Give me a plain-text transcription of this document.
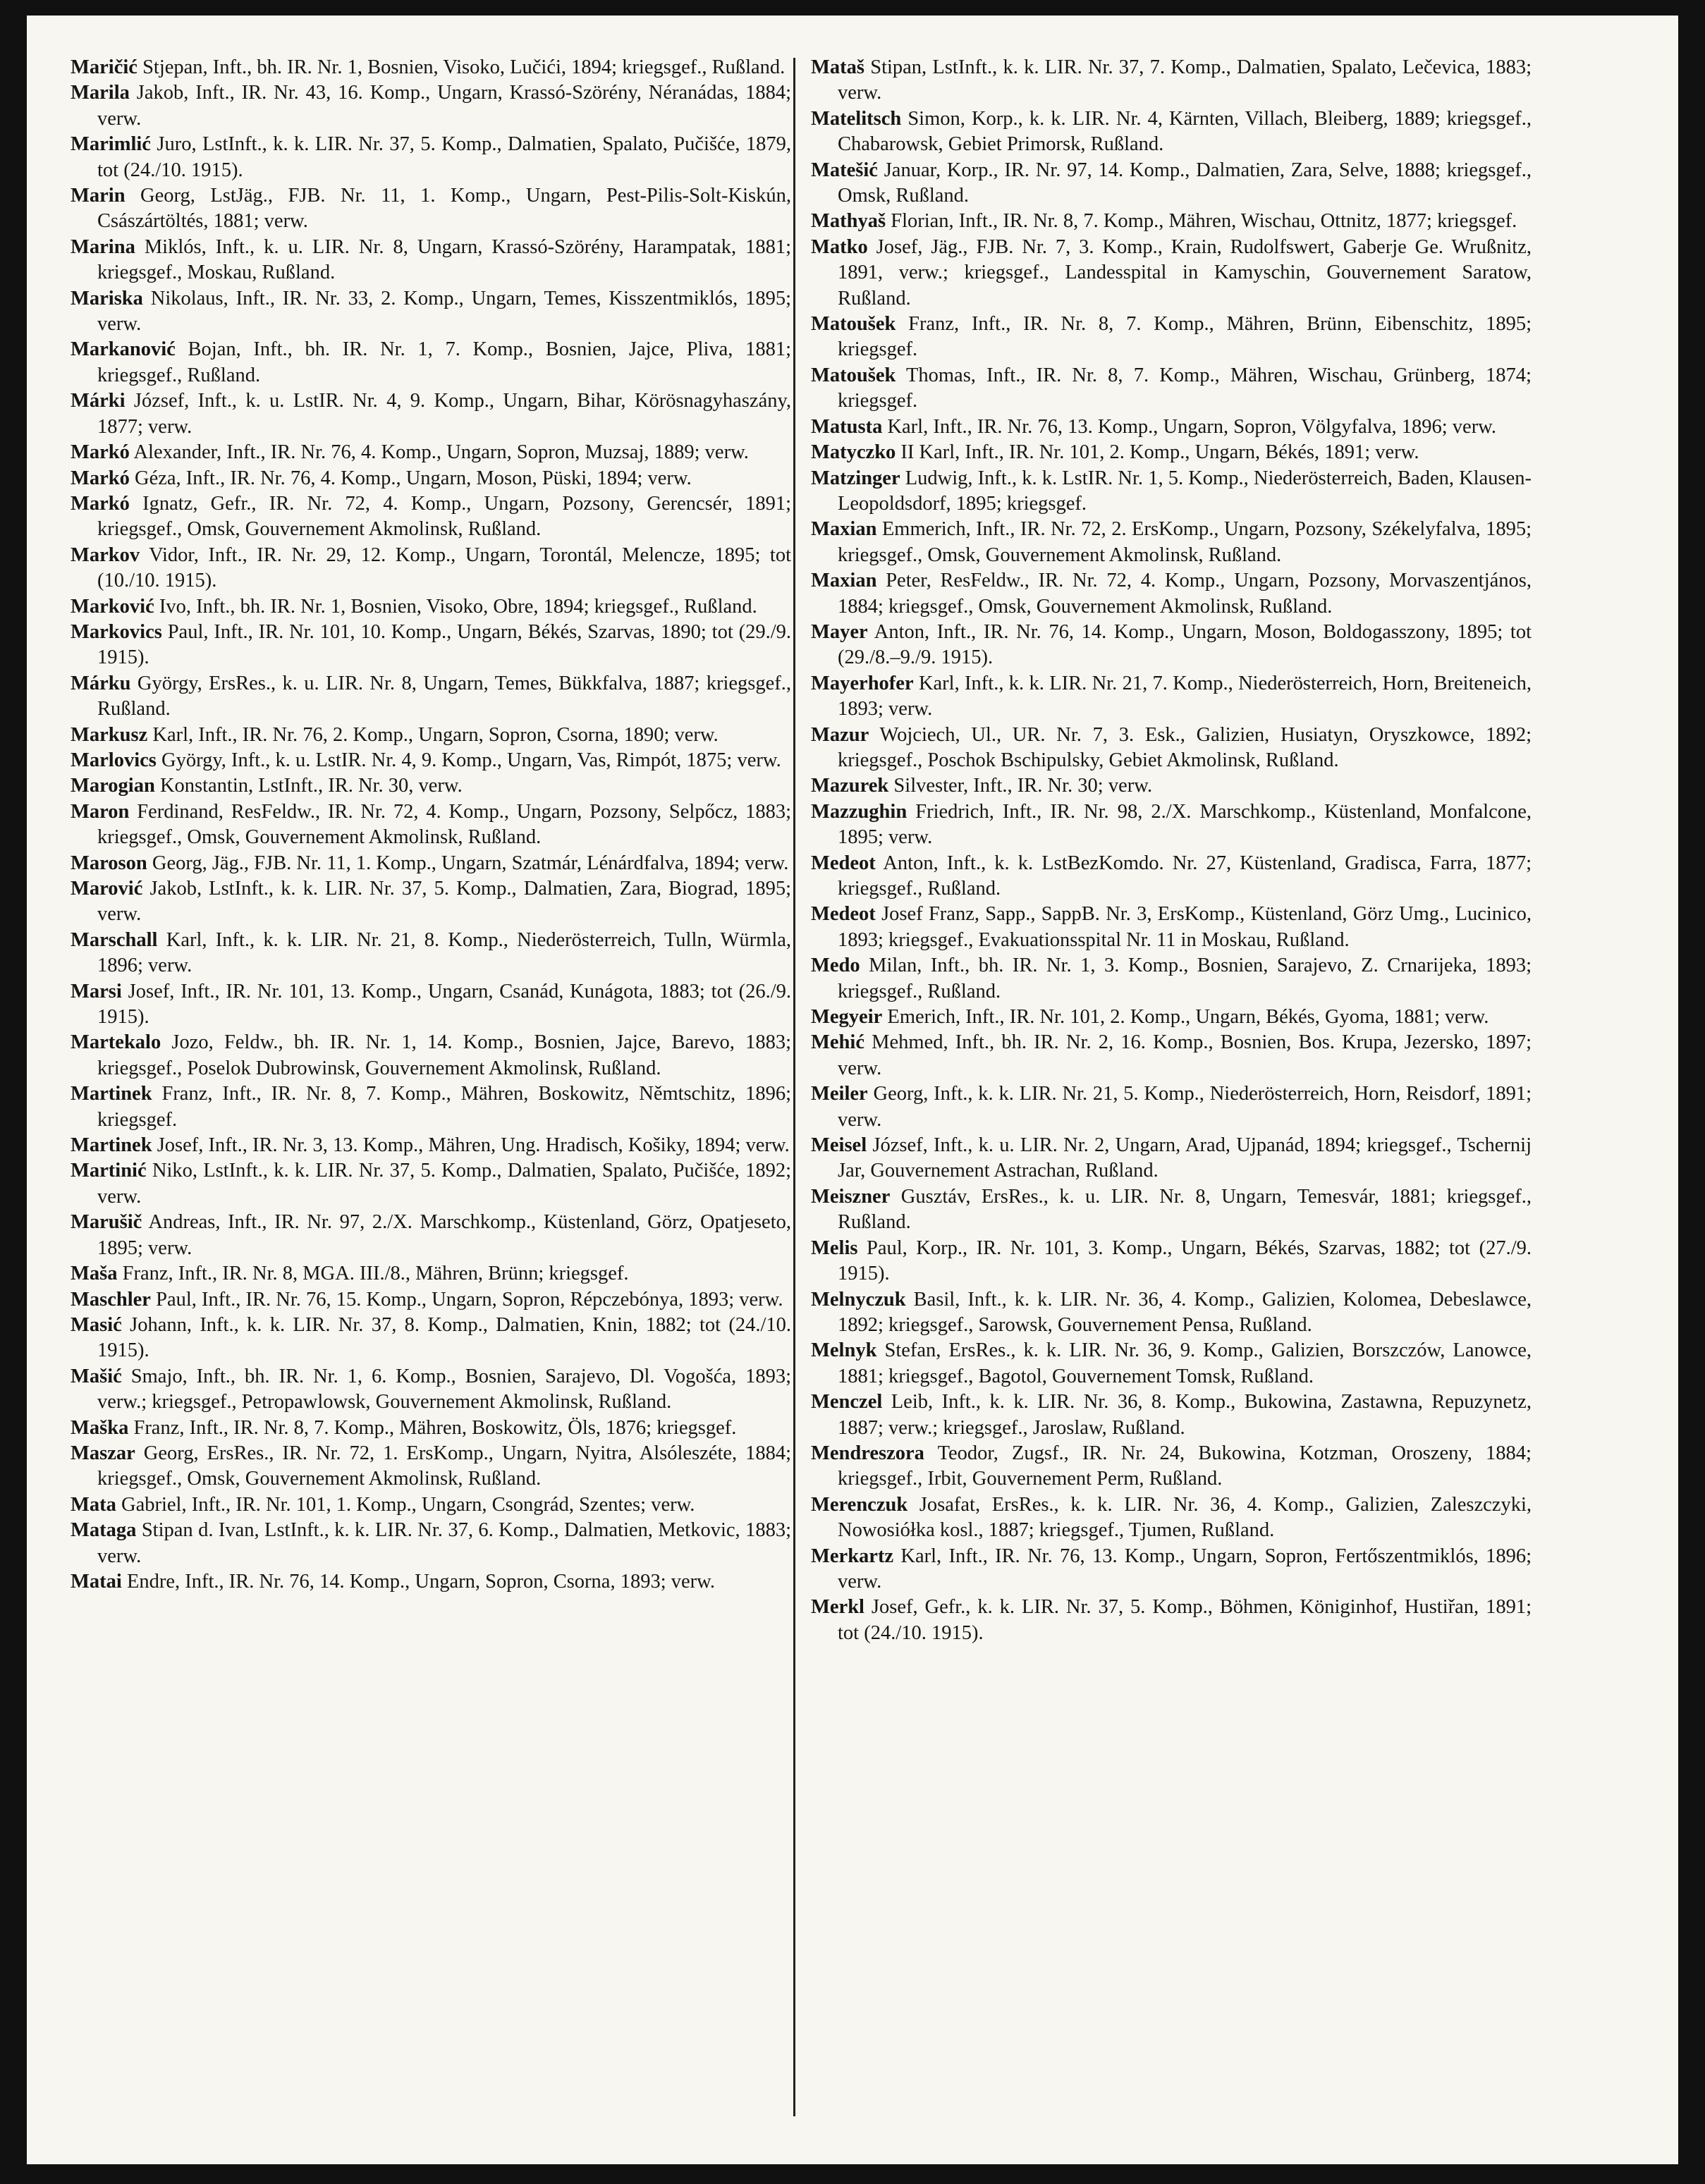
Maričić Stjepan, Inft., bh. IR. Nr. 1, Bosnien, Visoko, Lučići, 1894; kriegsgef., Rußland.
Marila Jakob, Inft., IR. Nr. 43, 16. Komp., Ungarn, Krassó-Szörény, Néranádas, 1884; verw.
Marimlić Juro, LstInft., k. k. LIR. Nr. 37, 5. Komp., Dalmatien, Spalato, Pučišće, 1879, tot (24./10. 1915).
Marin Georg, LstJäg., FJB. Nr. 11, 1. Komp., Ungarn, Pest-Pilis-Solt-Kiskún, Császártöltés, 1881; verw.
Marina Miklós, Inft., k. u. LIR. Nr. 8, Ungarn, Krassó-Szörény, Harampatak, 1881; kriegsgef., Moskau, Rußland.
Mariska Nikolaus, Inft., IR. Nr. 33, 2. Komp., Ungarn, Temes, Kisszentmiklós, 1895; verw.
Markanović Bojan, Inft., bh. IR. Nr. 1, 7. Komp., Bosnien, Jajce, Pliva, 1881; kriegsgef., Rußland.
Márki József, Inft., k. u. LstIR. Nr. 4, 9. Komp., Ungarn, Bihar, Körösnagyhaszány, 1877; verw.
Markó Alexander, Inft., IR. Nr. 76, 4. Komp., Ungarn, Sopron, Muzsaj, 1889; verw.
Markó Géza, Inft., IR. Nr. 76, 4. Komp., Ungarn, Moson, Püski, 1894; verw.
Markó Ignatz, Gefr., IR. Nr. 72, 4. Komp., Ungarn, Pozsony, Gerencsér, 1891; kriegsgef., Omsk, Gouvernement Akmolinsk, Rußland.
Markov Vidor, Inft., IR. Nr. 29, 12. Komp., Ungarn, Torontál, Melencze, 1895; tot (10./10. 1915).
Marković Ivo, Inft., bh. IR. Nr. 1, Bosnien, Visoko, Obre, 1894; kriegsgef., Rußland.
Markovics Paul, Inft., IR. Nr. 101, 10. Komp., Ungarn, Békés, Szarvas, 1890; tot (29./9. 1915).
Márku György, ErsRes., k. u. LIR. Nr. 8, Ungarn, Temes, Bükkfalva, 1887; kriegsgef., Rußland.
Markusz Karl, Inft., IR. Nr. 76, 2. Komp., Ungarn, Sopron, Csorna, 1890; verw.
Marlovics György, Inft., k. u. LstIR. Nr. 4, 9. Komp., Ungarn, Vas, Rimpót, 1875; verw.
Marogian Konstantin, LstInft., IR. Nr. 30, verw.
Maron Ferdinand, ResFeldw., IR. Nr. 72, 4. Komp., Ungarn, Pozsony, Selpőcz, 1883; kriegsgef., Omsk, Gouvernement Akmolinsk, Rußland.
Maroson Georg, Jäg., FJB. Nr. 11, 1. Komp., Ungarn, Szatmár, Lénárdfalva, 1894; verw.
Marović Jakob, LstInft., k. k. LIR. Nr. 37, 5. Komp., Dalmatien, Zara, Biograd, 1895; verw.
Marschall Karl, Inft., k. k. LIR. Nr. 21, 8. Komp., Niederösterreich, Tulln, Würmla, 1896; verw.
Marsi Josef, Inft., IR. Nr. 101, 13. Komp., Ungarn, Csanád, Kunágota, 1883; tot (26./9. 1915).
Martekalo Jozo, Feldw., bh. IR. Nr. 1, 14. Komp., Bosnien, Jajce, Barevo, 1883; kriegsgef., Poselok Dubrowinsk, Gouvernement Akmolinsk, Rußland.
Martinek Franz, Inft., IR. Nr. 8, 7. Komp., Mähren, Boskowitz, Němtschitz, 1896; kriegsgef.
Martinek Josef, Inft., IR. Nr. 3, 13. Komp., Mähren, Ung. Hradisch, Košiky, 1894; verw.
Martinić Niko, LstInft., k. k. LIR. Nr. 37, 5. Komp., Dalmatien, Spalato, Pučišće, 1892; verw.
Marušič Andreas, Inft., IR. Nr. 97, 2./X. Marschkomp., Küstenland, Görz, Opatjeseto, 1895; verw.
Maša Franz, Inft., IR. Nr. 8, MGA. III./8., Mähren, Brünn; kriegsgef.
Maschler Paul, Inft., IR. Nr. 76, 15. Komp., Ungarn, Sopron, Répczebónya, 1893; verw.
Masić Johann, Inft., k. k. LIR. Nr. 37, 8. Komp., Dalmatien, Knin, 1882; tot (24./10. 1915).
Mašić Smajo, Inft., bh. IR. Nr. 1, 6. Komp., Bosnien, Sarajevo, Dl. Vogošća, 1893; verw.; kriegsgef., Petropawlowsk, Gouvernement Akmolinsk, Rußland.
Maška Franz, Inft., IR. Nr. 8, 7. Komp., Mähren, Boskowitz, Öls, 1876; kriegsgef.
Maszar Georg, ErsRes., IR. Nr. 72, 1. ErsKomp., Ungarn, Nyitra, Alsóleszéte, 1884; kriegsgef., Omsk, Gouvernement Akmolinsk, Rußland.
Mata Gabriel, Inft., IR. Nr. 101, 1. Komp., Ungarn, Csongrád, Szentes; verw.
Mataga Stipan d. Ivan, LstInft., k. k. LIR. Nr. 37, 6. Komp., Dalmatien, Metkovic, 1883; verw.
Matai Endre, Inft., IR. Nr. 76, 14. Komp., Ungarn, Sopron, Csorna, 1893; verw.
Mataš Stipan, LstInft., k. k. LIR. Nr. 37, 7. Komp., Dalmatien, Spalato, Lečevica, 1883; verw.
Matelitsch Simon, Korp., k. k. LIR. Nr. 4, Kärnten, Villach, Bleiberg, 1889; kriegsgef., Chabarowsk, Gebiet Primorsk, Rußland.
Matešić Januar, Korp., IR. Nr. 97, 14. Komp., Dalmatien, Zara, Selve, 1888; kriegsgef., Omsk, Rußland.
Mathyaš Florian, Inft., IR. Nr. 8, 7. Komp., Mähren, Wischau, Ottnitz, 1877; kriegsgef.
Matko Josef, Jäg., FJB. Nr. 7, 3. Komp., Krain, Rudolfswert, Gaberje Ge. Wrußnitz, 1891, verw.; kriegsgef., Landesspital in Kamyschin, Gouvernement Saratow, Rußland.
Matoušek Franz, Inft., IR. Nr. 8, 7. Komp., Mähren, Brünn, Eibenschitz, 1895; kriegsgef.
Matoušek Thomas, Inft., IR. Nr. 8, 7. Komp., Mähren, Wischau, Grünberg, 1874; kriegsgef.
Matusta Karl, Inft., IR. Nr. 76, 13. Komp., Ungarn, Sopron, Völgyfalva, 1896; verw.
Matyczko II Karl, Inft., IR. Nr. 101, 2. Komp., Ungarn, Békés, 1891; verw.
Matzinger Ludwig, Inft., k. k. LstIR. Nr. 1, 5. Komp., Niederösterreich, Baden, Klausen-Leopoldsdorf, 1895; kriegsgef.
Maxian Emmerich, Inft., IR. Nr. 72, 2. ErsKomp., Ungarn, Pozsony, Székelyfalva, 1895; kriegsgef., Omsk, Gouvernement Akmolinsk, Rußland.
Maxian Peter, ResFeldw., IR. Nr. 72, 4. Komp., Ungarn, Pozsony, Morvaszentjános, 1884; kriegsgef., Omsk, Gouvernement Akmolinsk, Rußland.
Mayer Anton, Inft., IR. Nr. 76, 14. Komp., Ungarn, Moson, Boldogasszony, 1895; tot (29./8.–9./9. 1915).
Mayerhofer Karl, Inft., k. k. LIR. Nr. 21, 7. Komp., Niederösterreich, Horn, Breiteneich, 1893; verw.
Mazur Wojciech, Ul., UR. Nr. 7, 3. Esk., Galizien, Husiatyn, Oryszkowce, 1892; kriegsgef., Poschok Bschipulsky, Gebiet Akmolinsk, Rußland.
Mazurek Silvester, Inft., IR. Nr. 30; verw.
Mazzughin Friedrich, Inft., IR. Nr. 98, 2./X. Marschkomp., Küstenland, Monfalcone, 1895; verw.
Medeot Anton, Inft., k. k. LstBezKomdo. Nr. 27, Küstenland, Gradisca, Farra, 1877; kriegsgef., Rußland.
Medeot Josef Franz, Sapp., SappB. Nr. 3, ErsKomp., Küstenland, Görz Umg., Lucinico, 1893; kriegsgef., Evakuationsspital Nr. 11 in Moskau, Rußland.
Medo Milan, Inft., bh. IR. Nr. 1, 3. Komp., Bosnien, Sarajevo, Z. Crnarijeka, 1893; kriegsgef., Rußland.
Megyeir Emerich, Inft., IR. Nr. 101, 2. Komp., Ungarn, Békés, Gyoma, 1881; verw.
Mehić Mehmed, Inft., bh. IR. Nr. 2, 16. Komp., Bosnien, Bos. Krupa, Jezersko, 1897; verw.
Meiler Georg, Inft., k. k. LIR. Nr. 21, 5. Komp., Niederösterreich, Horn, Reisdorf, 1891; verw.
Meisel József, Inft., k. u. LIR. Nr. 2, Ungarn, Arad, Ujpanád, 1894; kriegsgef., Tschernij Jar, Gouvernement Astrachan, Rußland.
Meiszner Gusztáv, ErsRes., k. u. LIR. Nr. 8, Ungarn, Temesvár, 1881; kriegsgef., Rußland.
Melis Paul, Korp., IR. Nr. 101, 3. Komp., Ungarn, Békés, Szarvas, 1882; tot (27./9. 1915).
Melnyczuk Basil, Inft., k. k. LIR. Nr. 36, 4. Komp., Galizien, Kolomea, Debeslawce, 1892; kriegsgef., Sarowsk, Gouvernement Pensa, Rußland.
Melnyk Stefan, ErsRes., k. k. LIR. Nr. 36, 9. Komp., Galizien, Borszczów, Lanowce, 1881; kriegsgef., Bagotol, Gouvernement Tomsk, Rußland.
Menczel Leib, Inft., k. k. LIR. Nr. 36, 8. Komp., Bukowina, Zastawna, Repuzynetz, 1887; verw.; kriegsgef., Jaroslaw, Rußland.
Mendreszora Teodor, Zugsf., IR. Nr. 24, Bukowina, Kotzman, Oroszeny, 1884; kriegsgef., Irbit, Gouvernement Perm, Rußland.
Merenczuk Josafat, ErsRes., k. k. LIR. Nr. 36, 4. Komp., Galizien, Zaleszczyki, Nowosiółka kosl., 1887; kriegsgef., Tjumen, Rußland.
Merkartz Karl, Inft., IR. Nr. 76, 13. Komp., Ungarn, Sopron, Fertőszentmiklós, 1896; verw.
Merkl Josef, Gefr., k. k. LIR. Nr. 37, 5. Komp., Böhmen, Königinhof, Hustiřan, 1891; tot (24./10. 1915).
